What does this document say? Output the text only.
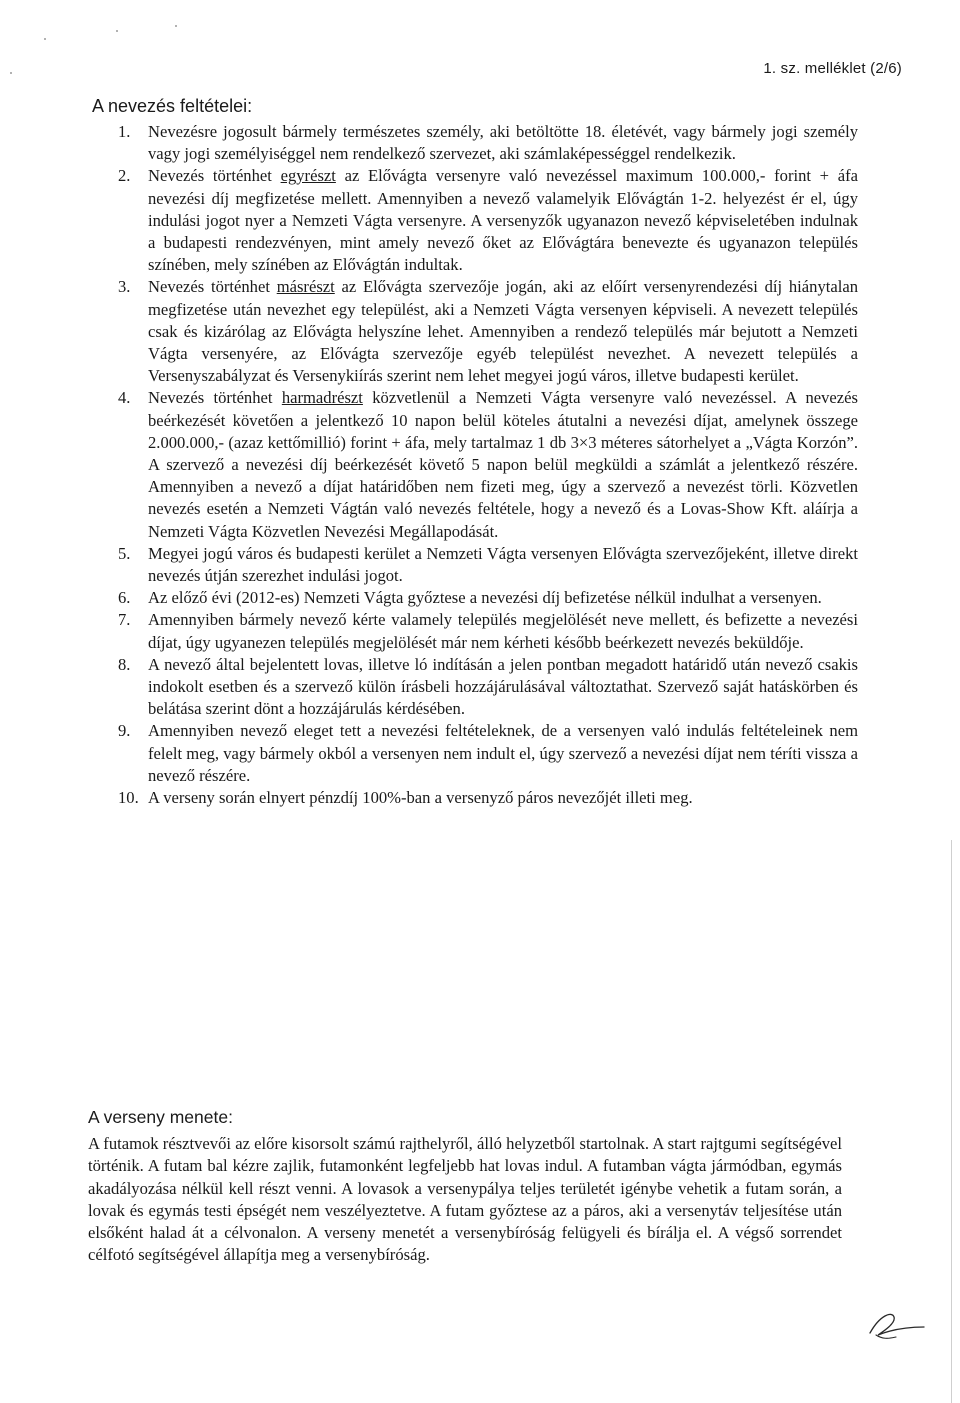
1. sz. melléklet (2/6)
A nevezés feltételei:
1.	Nevezésre jogosult bármely természetes személy, aki betöltötte 18. életévét, vagy bármely jogi személy vagy jogi személyiséggel nem rendelkező szervezet, aki számlaképességgel rendelkezik.
2.	Nevezés történhet egyrészt az Elővágta versenyre való nevezéssel maximum 100.000,- forint + áfa nevezési díj megfizetése mellett. Amennyiben a nevező valamelyik Elővágtán 1-2. helyezést ér el, úgy indulási jogot nyer a Nemzeti Vágta versenyre. A versenyzők ugyanazon nevező képviseletében indulnak a budapesti rendezvényen, mint amely nevező őket az Elővágtára benevezte és ugyanazon település színében, mely színében az Elővágtán indultak.
3.	Nevezés történhet másrészt az Elővágta szervezője jogán, aki az előírt versenyrendezési díj hiánytalan megfizetése után nevezhet egy települést, aki a Nemzeti Vágta versenyen képviseli. A nevezett település csak és kizárólag az Elővágta helyszíne lehet. Amennyiben a rendező település már bejutott a Nemzeti Vágta versenyére, az Elővágta szervezője egyéb települést nevezhet. A nevezett település a Versenyszabályzat és Versenykiírás szerint nem lehet megyei jogú város, illetve budapesti kerület.
4.	Nevezés történhet harmadrészt közvetlenül a Nemzeti Vágta versenyre való nevezéssel. A nevezés beérkezését követően a jelentkező 10 napon belül köteles átutalni a nevezési díjat, amelynek összege 2.000.000,- (azaz kettőmillió) forint + áfa, mely tartalmaz 1 db 3×3 méteres sátorhelyet a „Vágta Korzón”. A szervező a nevezési díj beérkezését követő 5 napon belül megküldi a számlát a jelentkező részére. Amennyiben a nevező a díjat határidőben nem fizeti meg, úgy a szervező a nevezést törli. Közvetlen nevezés esetén a Nemzeti Vágtán való nevezés feltétele, hogy a nevező és a Lovas-Show Kft. aláírja a Nemzeti Vágta Közvetlen Nevezési Megállapodását.
5.	Megyei jogú város és budapesti kerület a Nemzeti Vágta versenyen Elővágta szervezőjeként, illetve direkt nevezés útján szerezhet indulási jogot.
6.	Az előző évi (2012-es) Nemzeti Vágta győztese a nevezési díj befizetése nélkül indulhat a versenyen.
7.	Amennyiben bármely nevező kérte valamely település megjelölését neve mellett, és befizette a nevezési díjat, úgy ugyanezen település megjelölését már nem kérheti később beérkezett nevezés beküldője.
8.	A nevező által bejelentett lovas, illetve ló indításán a jelen pontban megadott határidő után nevező csakis indokolt esetben és a szervező külön írásbeli hozzájárulásával változtathat. Szervező saját hatáskörben és belátása szerint dönt a hozzájárulás kérdésében.
9.	Amennyiben nevező eleget tett a nevezési feltételeknek, de a versenyen való indulás feltételeinek nem felelt meg, vagy bármely okból a versenyen nem indult el, úgy szervező a nevezési díjat nem téríti vissza a nevező részére.
10. A verseny során elnyert pénzdíj 100%-ban a versenyző páros nevezőjét illeti meg.
A verseny menete:

A futamok résztvevői az előre kisorsolt számú rajthelyről, álló helyzetből startolnak. A start rajtgumi segítségével történik. A futam bal kézre zajlik, futamonként legfeljebb hat lovas indul. A futamban vágta jármódban, egymás akadályozása nélkül kell részt venni. A lovasok a versenypálya teljes területét igénybe vehetik a futam során, a lovak és egymás testi épségét nem veszélyeztetve. A futam győztese az a páros, aki a versenytáv teljesítése után elsőként halad át a célvonalon. A verseny menetét a versenybíróság felügyeli és bírálja el. A végső sorrendet célfotó segítségével állapítja meg a versenybíróság.
